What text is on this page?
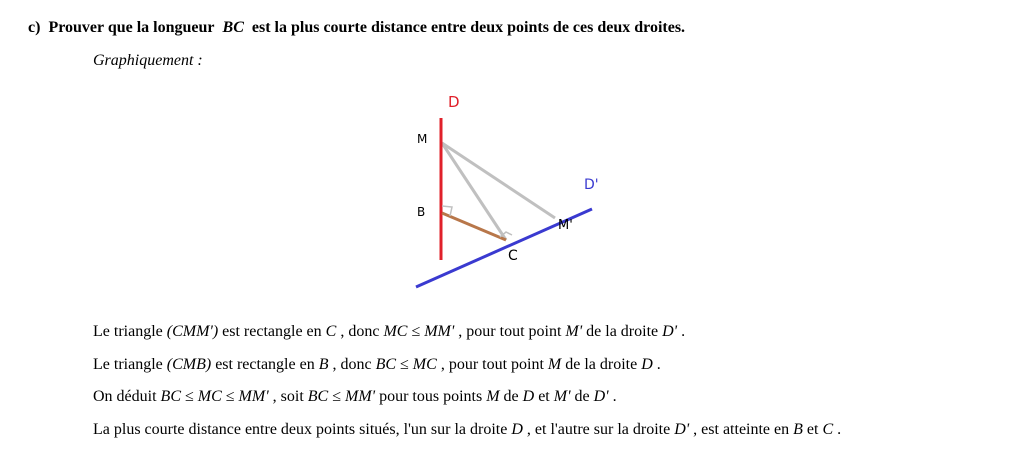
c) Prouver que la longueur BC est la plus courte distance entre deux points de ces deux droites.
Graphiquement :
D
D'
M
B
C
M'
Le triangle (CMM') est rectangle en C , donc MC ≤ MM' , pour tout point M' de la droite D' .
Le triangle (CMB) est rectangle en B , donc BC ≤ MC , pour tout point M de la droite D .
On déduit BC ≤ MC ≤ MM' , soit BC ≤ MM' pour tous points M de D et M' de D' .
La plus courte distance entre deux points situés, l'un sur la droite D , et l'autre sur la droite D' , est atteinte en B et C .
